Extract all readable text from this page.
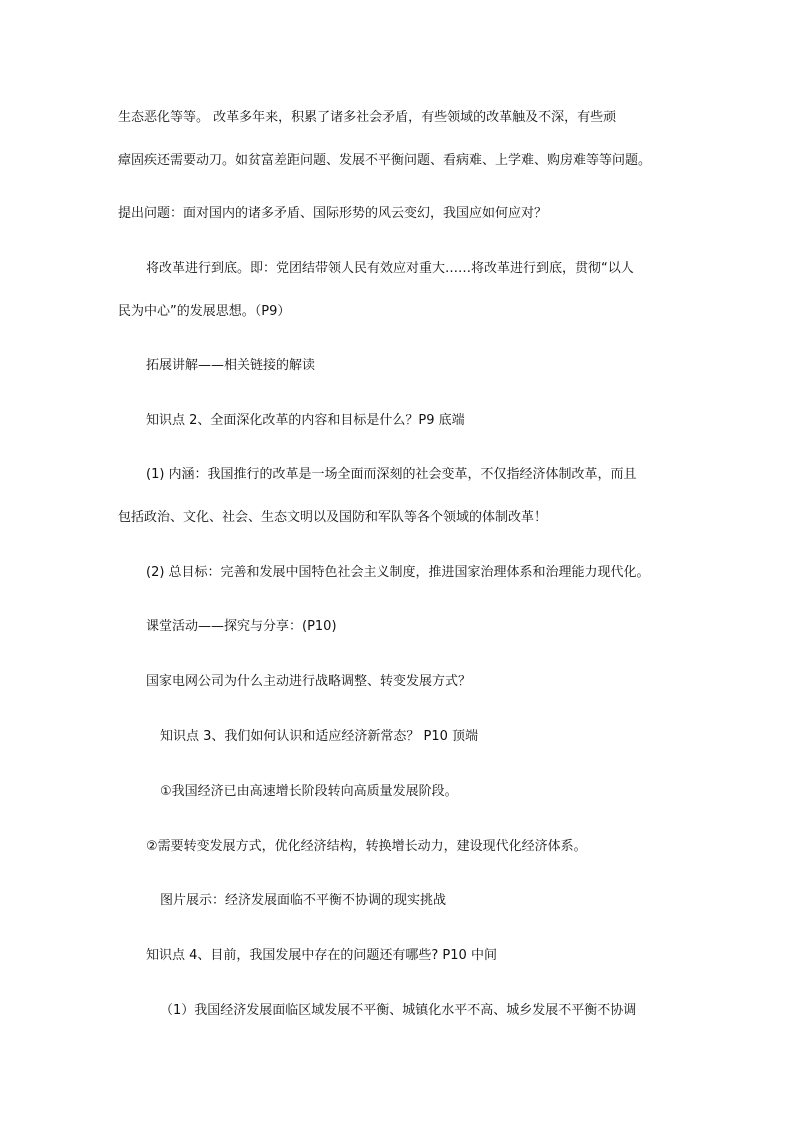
生态恶化等等。 改革多年来，积累了诸多社会矛盾，有些领域的改革触及不深，有些顽
瘴固疾还需要动刀。如贫富差距问题、发展不平衡问题、看病难、上学难、购房难等等问题。
提出问题：面对国内的诸多矛盾、国际形势的风云变幻，我国应如何应对？
将改革进行到底。即：党团结带领人民有效应对重大……将改革进行到底，贯彻“以人
民为中心”的发展思想。（P9）
拓展讲解——相关链接的解读
知识点 2、全面深化改革的内容和目标是什么？P9 底端
(1) 内涵：我国推行的改革是一场全面而深刻的社会变革，不仅指经济体制改革，而且
包括政治、文化、社会、生态文明以及国防和军队等各个领域的体制改革！
(2) 总目标：完善和发展中国特色社会主义制度，推进国家治理体系和治理能力现代化。
课堂活动——探究与分享：(P10)
国家电网公司为什么主动进行战略调整、转变发展方式？
知识点 3、我们如何认识和适应经济新常态？ P10 顶端
①我国经济已由高速增长阶段转向高质量发展阶段。
②需要转变发展方式，优化经济结构，转换增长动力，建设现代化经济体系。
图片展示：经济发展面临不平衡不协调的现实挑战
知识点 4、目前，我国发展中存在的问题还有哪些? P10 中间
（1）我国经济发展面临区域发展不平衡、城镇化水平不高、城乡发展不平衡不协调
